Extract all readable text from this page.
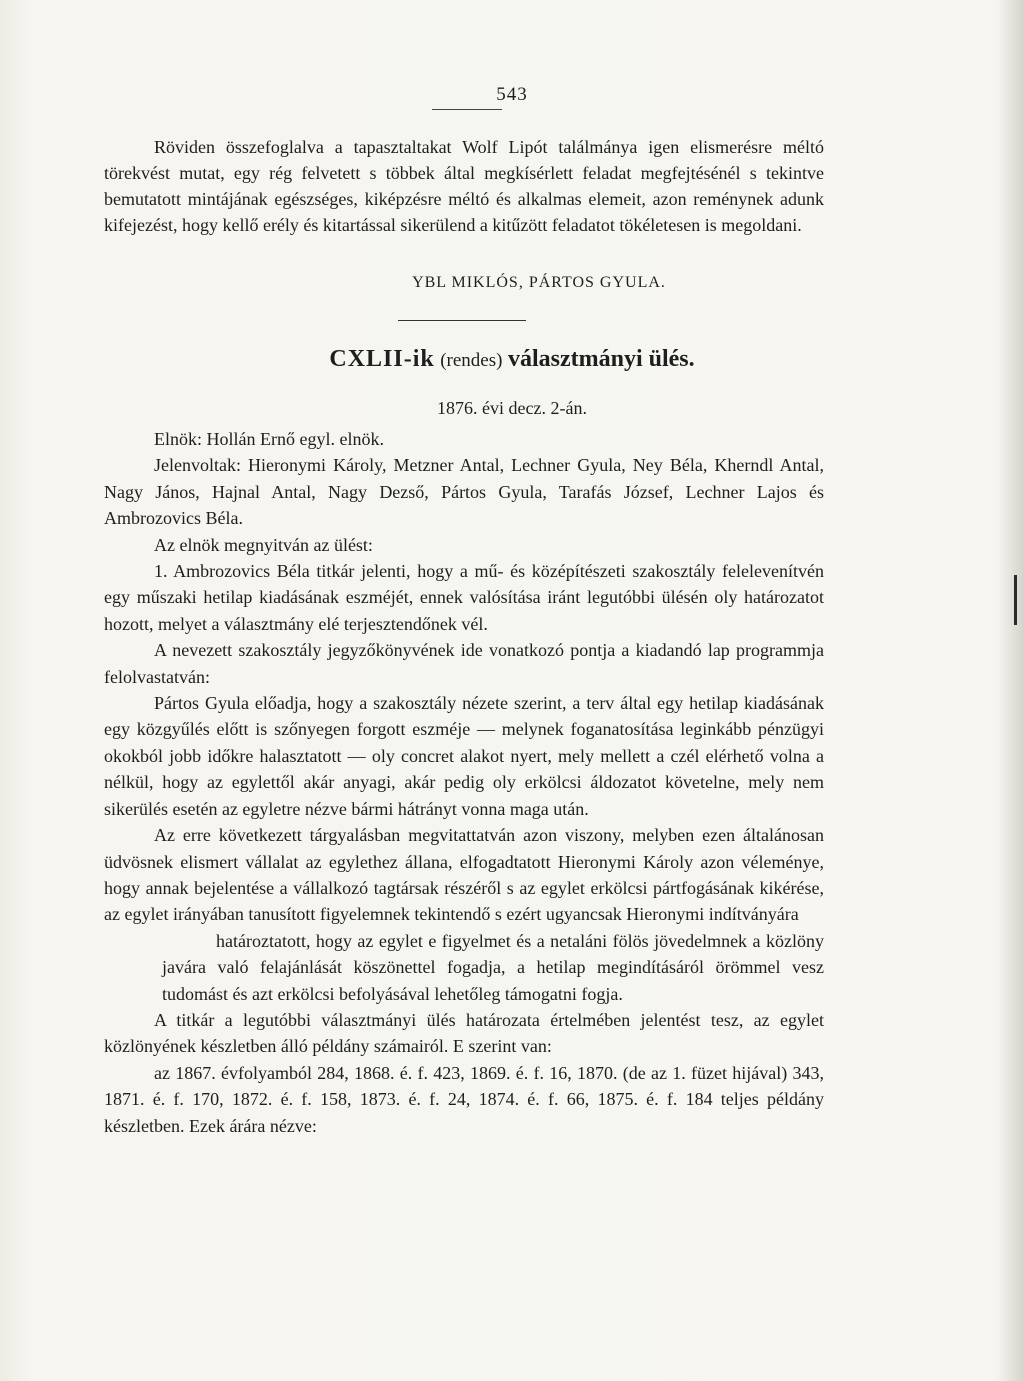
543

Röviden összefoglalva a tapasztaltakat Wolf Lipót találmánya igen elismerésre méltó törekvést mutat, egy rég felvetett s többek által megkísérlett feladat megfejtésénél s tekintve bemutatott mintájának egészséges, kiképzésre méltó és alkalmas elemeit, azon reménynek adunk kifejezést, hogy kellő erély és kitartással sikerülend a kitűzött feladatot tökéletesen is megoldani.

YBL MIKLÓS, PÁRTOS GYULA.
CXLII-ik (rendes) választmányi ülés.
1876. évi decz. 2-án.

Elnök: Hollán Ernő egyl. elnök.

Jelenvoltak: Hieronymi Károly, Metzner Antal, Lechner Gyula, Ney Béla, Kherndl Antal, Nagy János, Hajnal Antal, Nagy Dezső, Pártos Gyula, Tarafás József, Lechner Lajos és Ambrozovics Béla.

Az elnök megnyitván az ülést:

1. Ambrozovics Béla titkár jelenti, hogy a mű- és középítészeti szakosztály felelevenítvén egy műszaki hetilap kiadásának eszméjét, ennek valósítása iránt legutóbbi ülésén oly határozatot hozott, melyet a választmány elé terjesztendőnek vél.

A nevezett szakosztály jegyzőkönyvének ide vonatkozó pontja a kiadandó lap programmja felolvastatván:

Pártos Gyula előadja, hogy a szakosztály nézete szerint, a terv által egy hetilap kiadásának egy közgyűlés előtt is szőnyegen forgott eszméje — melynek foganatosítása leginkább pénzügyi okokból jobb időkre halasztatott — oly concret alakot nyert, mely mellett a czél elérhető volna a nélkül, hogy az egylettől akár anyagi, akár pedig oly erkölcsi áldozatot követelne, mely nem sikerülés esetén az egyletre nézve bármi hátrányt vonna maga után.

Az erre következett tárgyalásban megvitattatván azon viszony, melyben ezen általánosan üdvösnek elismert vállalat az egylethez állana, elfogadtatott Hieronymi Károly azon véleménye, hogy annak bejelentése a vállalkozó tagtársak részéről s az egylet erkölcsi pártfogásának kikérése, az egylet irányában tanusított figyelemnek tekintendő s ezért ugyancsak Hieronymi indítványára

határoztatott, hogy az egylet e figyelmet és a netaláni fölös jövedelmnek a közlöny javára való felajánlását köszönettel fogadja, a hetilap megindításáról örömmel vesz tudomást és azt erkölcsi befolyásával lehetőleg támogatni fogja.

A titkár a legutóbbi választmányi ülés határozata értelmében jelentést tesz, az egylet közlönyének készletben álló példány számairól. E szerint van:

az 1867. évfolyamból 284, 1868. é. f. 423, 1869. é. f. 16, 1870. (de az 1. füzet hijával) 343, 1871. é. f. 170, 1872. é. f. 158, 1873. é. f. 24, 1874. é. f. 66, 1875. é. f. 184 teljes példány készletben. Ezek árára nézve:
